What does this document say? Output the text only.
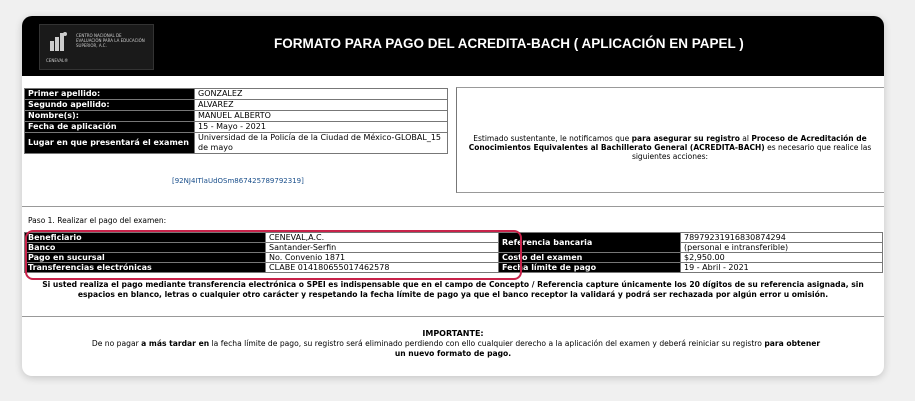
CENTRO NACIONAL DE EVALUACIÓN PARA LA EDUCACIÓN SUPERIOR, A.C.
CENEVAL®
FORMATO PARA PAGO DEL ACREDITA-BACH ( APLICACIÓN EN PAPEL )
Primer apellido:	GONZALEZ
Segundo apellido:	ALVAREZ
Nombre(s):	MANUEL ALBERTO
Fecha de aplicación	15 - Mayo - 2021
Lugar en que presentará el examen	Universidad de la Policía de la Ciudad de México-GLOBAL_15 de mayo
[92NJ4ITlaUdOSm867425789792319]
Estimado sustentante, le notificamos que para asegurar su registro al Proceso de Acreditación de Conocimientos Equivalentes al Bachillerato General (ACREDITA-BACH) es necesario que realice las siguientes acciones:
Paso 1. Realizar el pago del examen:
Beneficiario	CENEVAL,A.C.	Referencia bancaria	78979231916830874294
Banco	Santander-Serfin		(personal e intransferible)
Pago en sucursal	No. Convenio 1871	Costo del examen	$2,950.00
Transferencias electrónicas	CLABE 014180655017462578	Fecha límite de pago	19 - Abril - 2021
Si usted realiza el pago mediante transferencia electrónica o SPEI es indispensable que en el campo de Concepto / Referencia capture únicamente los 20 dígitos de su referencia asignada, sin espacios en blanco, letras o cualquier otro carácter y respetando la fecha límite de pago ya que el banco receptor la validará y podrá ser rechazada por algún error u omisión.
IMPORTANTE:
De no pagar a más tardar en la fecha límite de pago, su registro será eliminado perdiendo con ello cualquier derecho a la aplicación del examen y deberá reiniciar su registro para obtener
un nuevo formato de pago.
